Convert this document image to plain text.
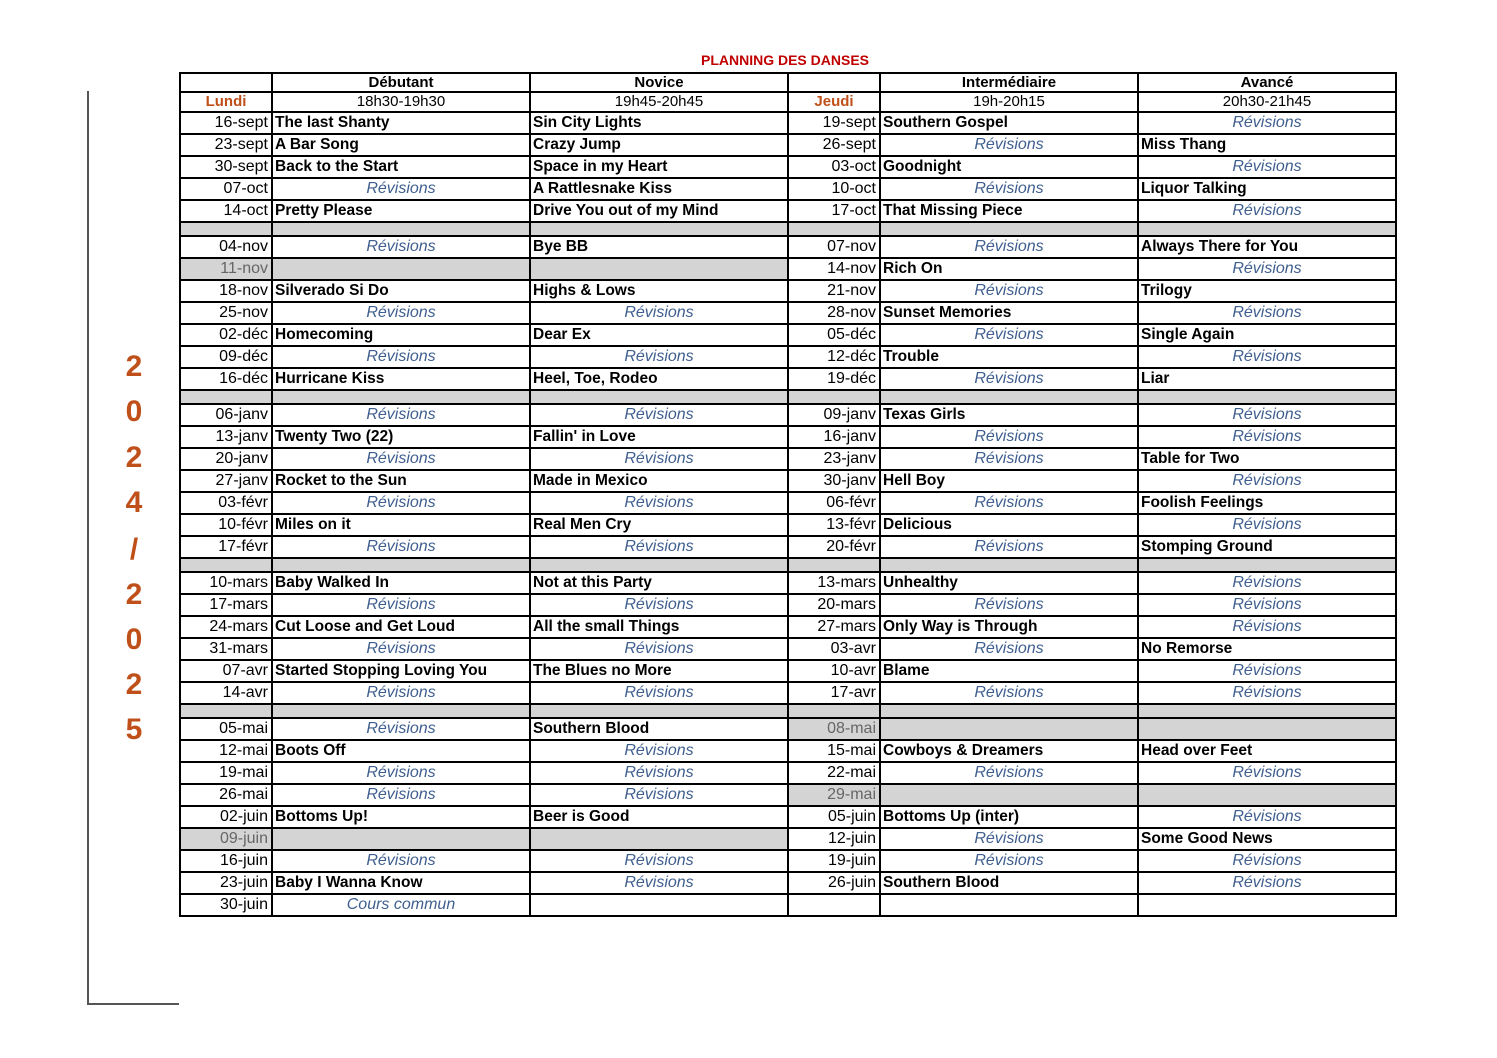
PLANNING DES DANSES
2
0
2
4
/
2
0
2
5
	Débutant	Novice		Intermédiaire	Avancé
Lundi	18h30-19h30	19h45-20h45	Jeudi	19h-20h15	20h30-21h45
16-sept	The last Shanty	Sin City Lights	19-sept	Southern Gospel	Révisions
23-sept	A Bar Song	Crazy Jump	26-sept	Révisions	Miss Thang
30-sept	Back to the Start	Space in my Heart	03-oct	Goodnight	Révisions
07-oct	Révisions	A Rattlesnake Kiss	10-oct	Révisions	Liquor Talking
14-oct	Pretty Please	Drive You out of my Mind	17-oct	That Missing Piece	Révisions

04-nov	Révisions	Bye BB	07-nov	Révisions	Always There for You
11-nov			14-nov	Rich On	Révisions
18-nov	Silverado Si Do	Highs & Lows	21-nov	Révisions	Trilogy
25-nov	Révisions	Révisions	28-nov	Sunset Memories	Révisions
02-déc	Homecoming	Dear Ex	05-déc	Révisions	Single Again
09-déc	Révisions	Révisions	12-déc	Trouble	Révisions
16-déc	Hurricane Kiss	Heel, Toe, Rodeo	19-déc	Révisions	Liar

06-janv	Révisions	Révisions	09-janv	Texas Girls	Révisions
13-janv	Twenty Two (22)	Fallin' in Love	16-janv	Révisions	Révisions
20-janv	Révisions	Révisions	23-janv	Révisions	Table for Two
27-janv	Rocket to the Sun	Made in Mexico	30-janv	Hell Boy	Révisions
03-févr	Révisions	Révisions	06-févr	Révisions	Foolish Feelings
10-févr	Miles on it	Real Men Cry	13-févr	Delicious	Révisions
17-févr	Révisions	Révisions	20-févr	Révisions	Stomping Ground

10-mars	Baby Walked In	Not at this Party	13-mars	Unhealthy	Révisions
17-mars	Révisions	Révisions	20-mars	Révisions	Révisions
24-mars	Cut Loose and Get Loud	All the small Things	27-mars	Only Way is Through	Révisions
31-mars	Révisions	Révisions	03-avr	Révisions	No Remorse
07-avr	Started Stopping Loving You	The Blues no More	10-avr	Blame	Révisions
14-avr	Révisions	Révisions	17-avr	Révisions	Révisions

05-mai	Révisions	Southern Blood	08-mai		
12-mai	Boots Off	Révisions	15-mai	Cowboys & Dreamers	Head over Feet
19-mai	Révisions	Révisions	22-mai	Révisions	Révisions
26-mai	Révisions	Révisions	29-mai		
02-juin	Bottoms Up!	Beer is Good	05-juin	Bottoms Up (inter)	Révisions
09-juin			12-juin	Révisions	Some Good News
16-juin	Révisions	Révisions	19-juin	Révisions	Révisions
23-juin	Baby I Wanna Know	Révisions	26-juin	Southern Blood	Révisions
30-juin	Cours commun				
